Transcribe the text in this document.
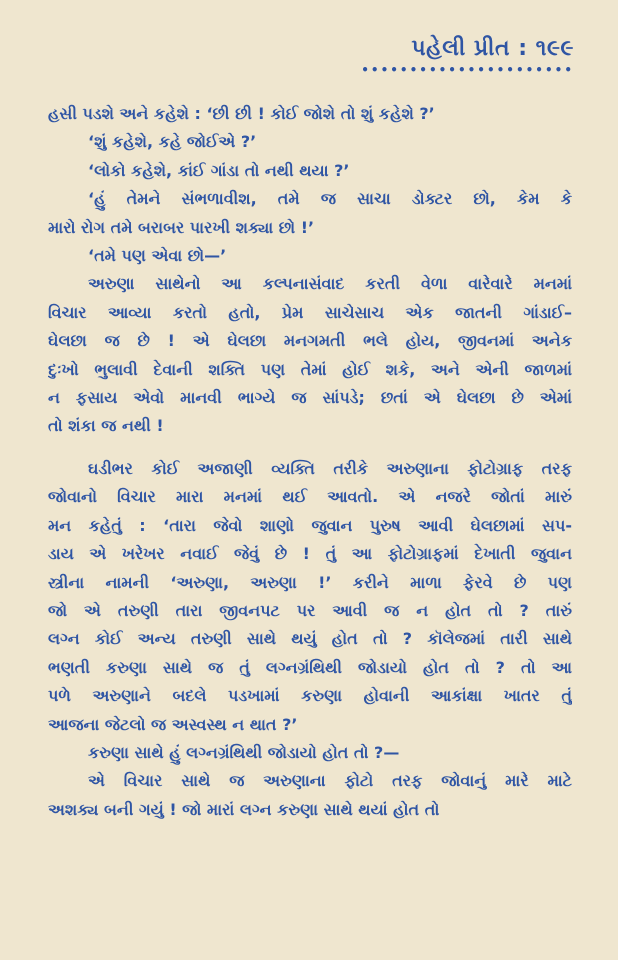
પહેલી પ્રીત : ૧૯૯
••••••••••••••••••••••
હસી પડશે અને કહેશે : ‘છી છી ! કોઈ જોશે તો શું કહેશે ?’
‘શું કહેશે, કહે જોઈએ ?’
‘લોકો કહેશે, કાંઈ ગાંડા તો નથી થયા ?’
‘હું તેમને સંભળાવીશ, તમે જ સાચા ડોક્ટર છો, કેમ કે
મારો રોગ તમે બરાબર પારખી શક્યા છો !’
‘તમે પણ એવા છો—’
અરુણા સાથેનો આ કલ્પનાસંવાદ કરતી વેળા વારેવારે મનમાં
વિચાર આવ્યા કરતો હતો, પ્રેમ સાચેસાચ એક જાતની ગાંડાઈ–
ઘેલછા જ છે ! એ ઘેલછા મનગમતી ભલે હોય, જીવનમાં અનેક
દુઃખો ભુલાવી દેવાની શક્તિ પણ તેમાં હોઈ શકે, અને એની જાળમાં
ન ફસાય એવો માનવી ભાગ્યે જ સાંપડે; છતાં એ ઘેલછા છે એમાં
તો શંકા જ નથી !
ઘડીભર કોઈ અજાણી વ્યક્તિ તરીકે અરુણાના ફોટોગ્રાફ તરફ
જોવાનો વિચાર મારા મનમાં થઈ આવતો. એ નજરે જોતાં મારું
મન કહેતું : ‘તારા જેવો શાણો જુવાન પુરુષ આવી ઘેલછામાં સપ-
ડાય એ ખરેખર નવાઈ જેવું છે ! તું આ ફોટોગ્રાફમાં દેખાતી જુવાન
સ્ત્રીના નામની ‘અરુણા, અરુણા !’ કરીને માળા ફેરવે છે પણ
જો એ તરુણી તારા જીવનપટ પર આવી જ ન હોત તો ? તારું
લગ્ન કોઈ અન્ય તરુણી સાથે થયું હોત તો ? કૉલેજમાં તારી સાથે
ભણતી કરુણા સાથે જ તું લગ્નગ્રંથિથી જોડાયો હોત તો ? તો આ
પળે અરુણાને બદલે પડખામાં કરુણા હોવાની આકાંક્ષા ખાતર તું
આજના જેટલો જ અસ્વસ્થ ન થાત ?’
કરુણા સાથે હું લગ્નગ્રંથિથી જોડાયો હોત તો ?—
એ વિચાર સાથે જ અરુણાના ફોટો તરફ જોવાનું મારે માટે
અશક્ય બની ગયું ! જો મારાં લગ્ન કરુણા સાથે થયાં હોત તો
